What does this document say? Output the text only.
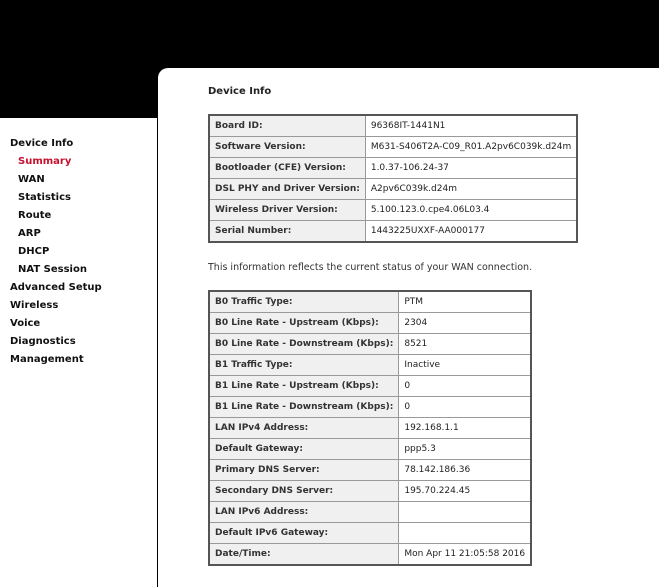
Device Info
Summary
WAN
Statistics
Route
ARP
DHCP
NAT Session
Advanced Setup
Wireless
Voice
Diagnostics
Management
Device Info
Board ID:	96368IT-1441N1
Software Version:	M631-S406T2A-C09_R01.A2pv6C039k.d24m
Bootloader (CFE) Version:	1.0.37-106.24-37
DSL PHY and Driver Version:	A2pv6C039k.d24m
Wireless Driver Version:	5.100.123.0.cpe4.06L03.4
Serial Number:	1443225UXXF-AA000177
This information reflects the current status of your WAN connection.
B0 Traffic Type:	PTM
B0 Line Rate - Upstream (Kbps):	2304
B0 Line Rate - Downstream (Kbps):	8521
B1 Traffic Type:	Inactive
B1 Line Rate - Upstream (Kbps):	0
B1 Line Rate - Downstream (Kbps):	0
LAN IPv4 Address:	192.168.1.1
Default Gateway:	ppp5.3
Primary DNS Server:	78.142.186.36
Secondary DNS Server:	195.70.224.45
LAN IPv6 Address:	
Default IPv6 Gateway:	
Date/Time:	Mon Apr 11 21:05:58 2016
